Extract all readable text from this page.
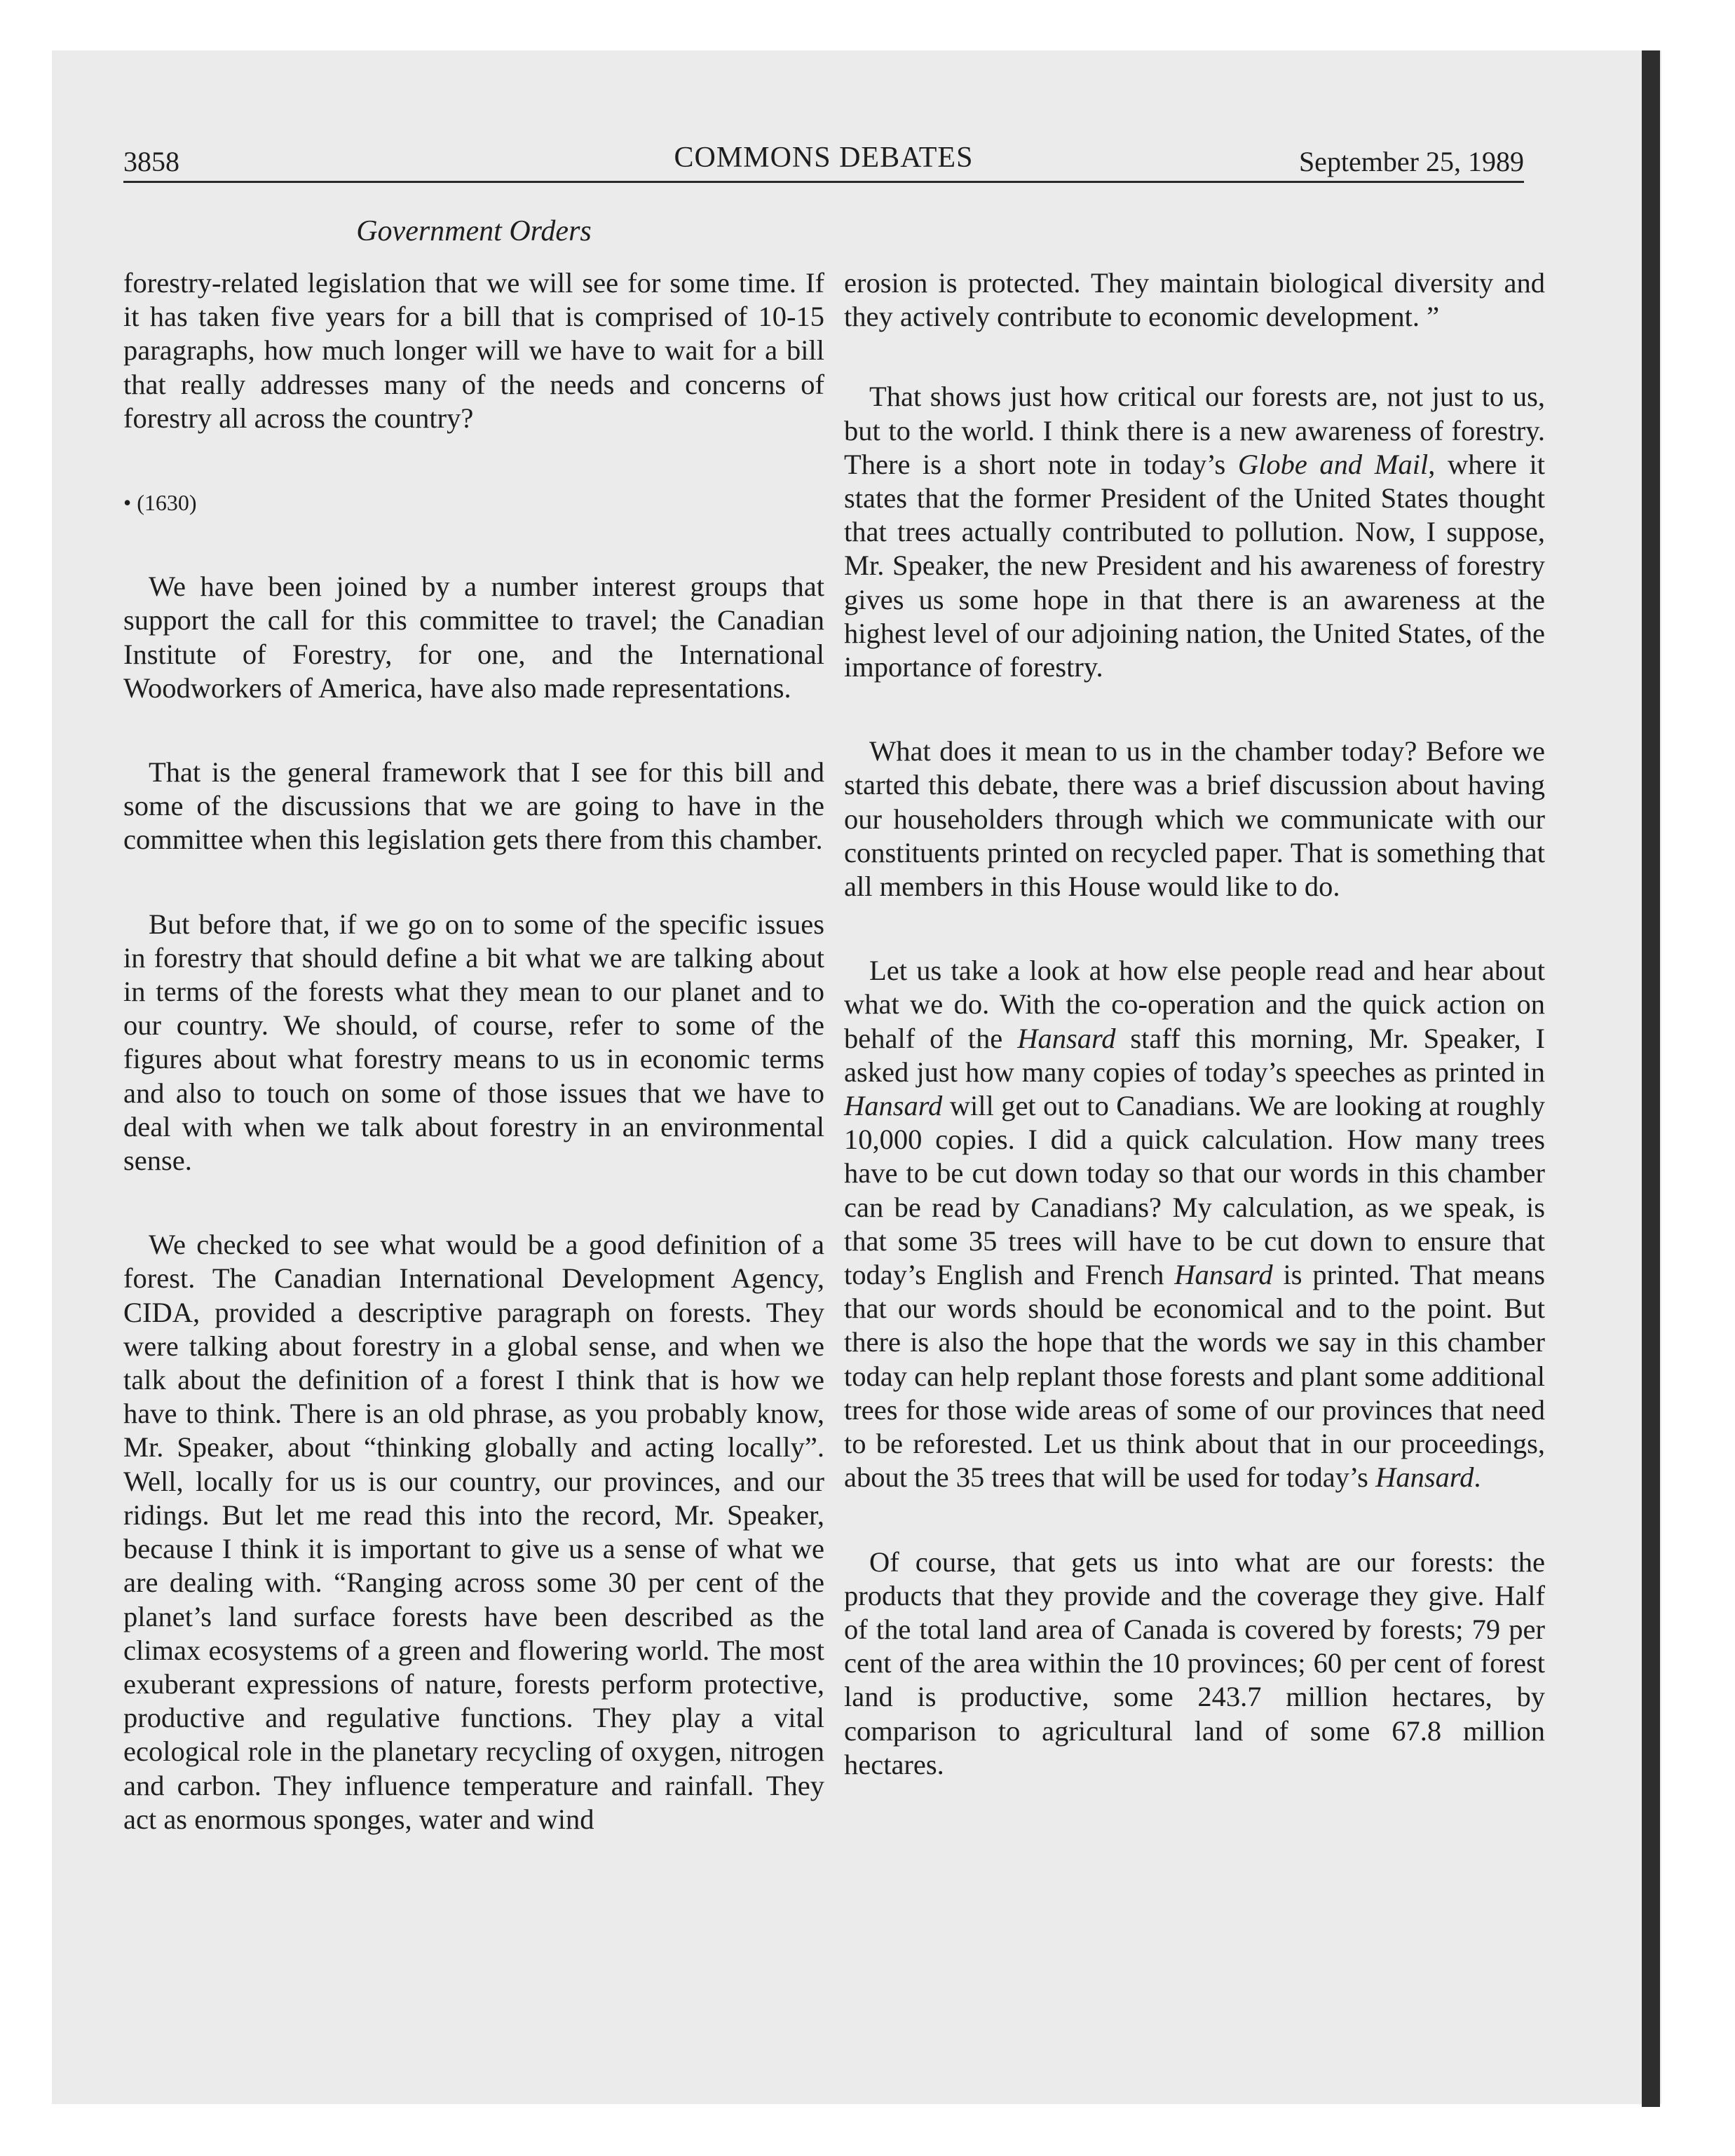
3858	COMMONS DEBATES	September 25, 1989
Government Orders

forestry-related legislation that we will see for some time. If it has taken five years for a bill that is comprised of 10-15 paragraphs, how much longer will we have to wait for a bill that really addresses many of the needs and concerns of forestry all across the country?

• (1630)

We have been joined by a number interest groups that support the call for this committee to travel; the Canadian Institute of Forestry, for one, and the International Woodworkers of America, have also made representations.

That is the general framework that I see for this bill and some of the discussions that we are going to have in the committee when this legislation gets there from this chamber.

But before that, if we go on to some of the specific issues in forestry that should define a bit what we are talking about in terms of the forests what they mean to our planet and to our country. We should, of course, refer to some of the figures about what forestry means to us in economic terms and also to touch on some of those issues that we have to deal with when we talk about forestry in an environmental sense.

We checked to see what would be a good definition of a forest. The Canadian International Development Agency, CIDA, provided a descriptive paragraph on forests. They were talking about forestry in a global sense, and when we talk about the definition of a forest I think that is how we have to think. There is an old phrase, as you probably know, Mr. Speaker, about “thinking globally and acting locally”. Well, locally for us is our country, our provinces, and our ridings. But let me read this into the record, Mr. Speaker, because I think it is important to give us a sense of what we are dealing with. “Ranging across some 30 per cent of the planet’s land surface forests have been described as the climax ecosystems of a green and flowering world. The most exuberant expressions of nature, forests perform protective, productive and regulative functions. They play a vital ecological role in the planetary recycling of oxygen, nitrogen and carbon. They influence temperature and rainfall. They act as enormous sponges, water and wind

erosion is protected. They maintain biological diversity and they actively contribute to economic development. ”

That shows just how critical our forests are, not just to us, but to the world. I think there is a new awareness of forestry. There is a short note in today’s Globe and Mail, where it states that the former President of the United States thought that trees actually contributed to pollution. Now, I suppose, Mr. Speaker, the new President and his awareness of forestry gives us some hope in that there is an awareness at the highest level of our adjoining nation, the United States, of the importance of forestry.

What does it mean to us in the chamber today? Before we started this debate, there was a brief discussion about having our householders through which we communicate with our constituents printed on recycled paper. That is something that all members in this House would like to do.

Let us take a look at how else people read and hear about what we do. With the co-operation and the quick action on behalf of the Hansard staff this morning, Mr. Speaker, I asked just how many copies of today’s speeches as printed in Hansard will get out to Canadians. We are looking at roughly 10,000 copies. I did a quick calculation. How many trees have to be cut down today so that our words in this chamber can be read by Canadians? My calculation, as we speak, is that some 35 trees will have to be cut down to ensure that today’s English and French Hansard is printed. That means that our words should be economical and to the point. But there is also the hope that the words we say in this chamber today can help replant those forests and plant some additional trees for those wide areas of some of our provinces that need to be reforested. Let us think about that in our proceedings, about the 35 trees that will be used for today’s Hansard.

Of course, that gets us into what are our forests: the products that they provide and the coverage they give. Half of the total land area of Canada is covered by forests; 79 per cent of the area within the 10 provinces; 60 per cent of forest land is productive, some 243.7 million hectares, by comparison to agricultural land of some 67.8 million hectares.
